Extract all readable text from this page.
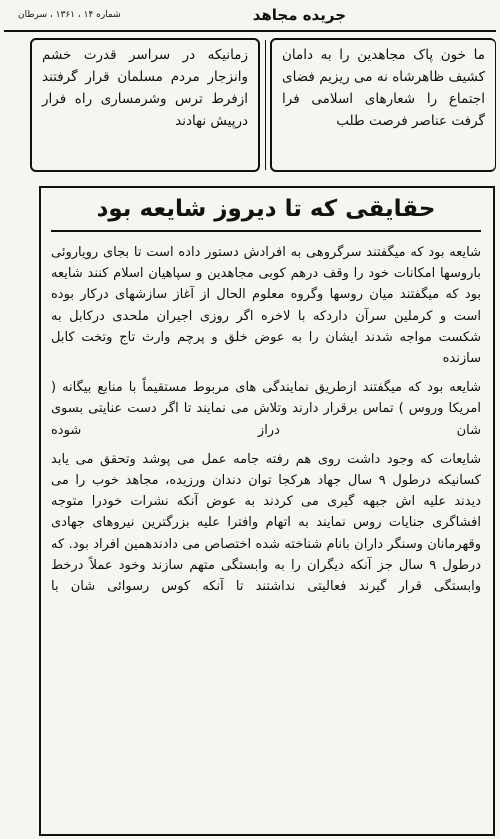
جریده مجاهد
شماره ۱۴ ، ۱۳۶۱ ، سرطان

ما خون پاک مجاهدین را به دامان کشیف ظاهرشاه نه می ریزیم فضای اجتماع را شعارهای اسلامی فرا گرفت عناصر فرصت طلب

زمانیکه در سراسر قدرت خشم وانزجار مردم مسلمان قرار گرفتند ازفرط ترس وشرمساری راه فرار درپیش نهادند

حقایقی که تا دیروز شایعه بود

شایعه بود که میگفتند سرگروهی به افرادش دستور داده است تا بجای رویاروئی باروسها امکانات خود را وقف درهم کوبی مجاهدین و سپاهیان اسلام کنند شایعه بود که میگفتند میان روسها وگروه معلوم الحال از آغاز سازشهای درکار بوده است و کرملین سرآن داردکه با لاخره اگر روزی اجیران ملحدی درکابل به شکست مواجه شدند ایشان را به عوض خلق و پرچم وارث تاج وتخت کابل سازنده

شایعه بود که میگفتند ازطریق نمایندگی های مربوط مستقیماً با منابع بیگانه ( امریکا وروس ) تماس برقرار دارند وتلاش می نمایند تا اگر دست عنایتی بسوی شان دراز شوده

شایعات که وجود داشت روی هم رفته جامه عمل می پوشد وتحقق می یابد کسانیکه درطول ۹ سال جهاد هرکجا توان دندان ورزیده، مجاهد خوب را می دیدند علیه اش جبهه گیری می کردند به عوض آنکه نشرات خودرا متوجه افشاگری جنایات روس نمایند به اتهام وافترا علیه بزرگترین نیروهای جهادی وقهرمانان وسنگر داران بانام شناخته شده اختصاص می دادندهمین افراد بود. که درطول ۹ سال جز آنکه دیگران را به وابستگی متهم سازند وخود عملاً درخط وابستگی قرار گیرند فعالیتی نداشتند تا آنکه کوس رسوائی شان با
